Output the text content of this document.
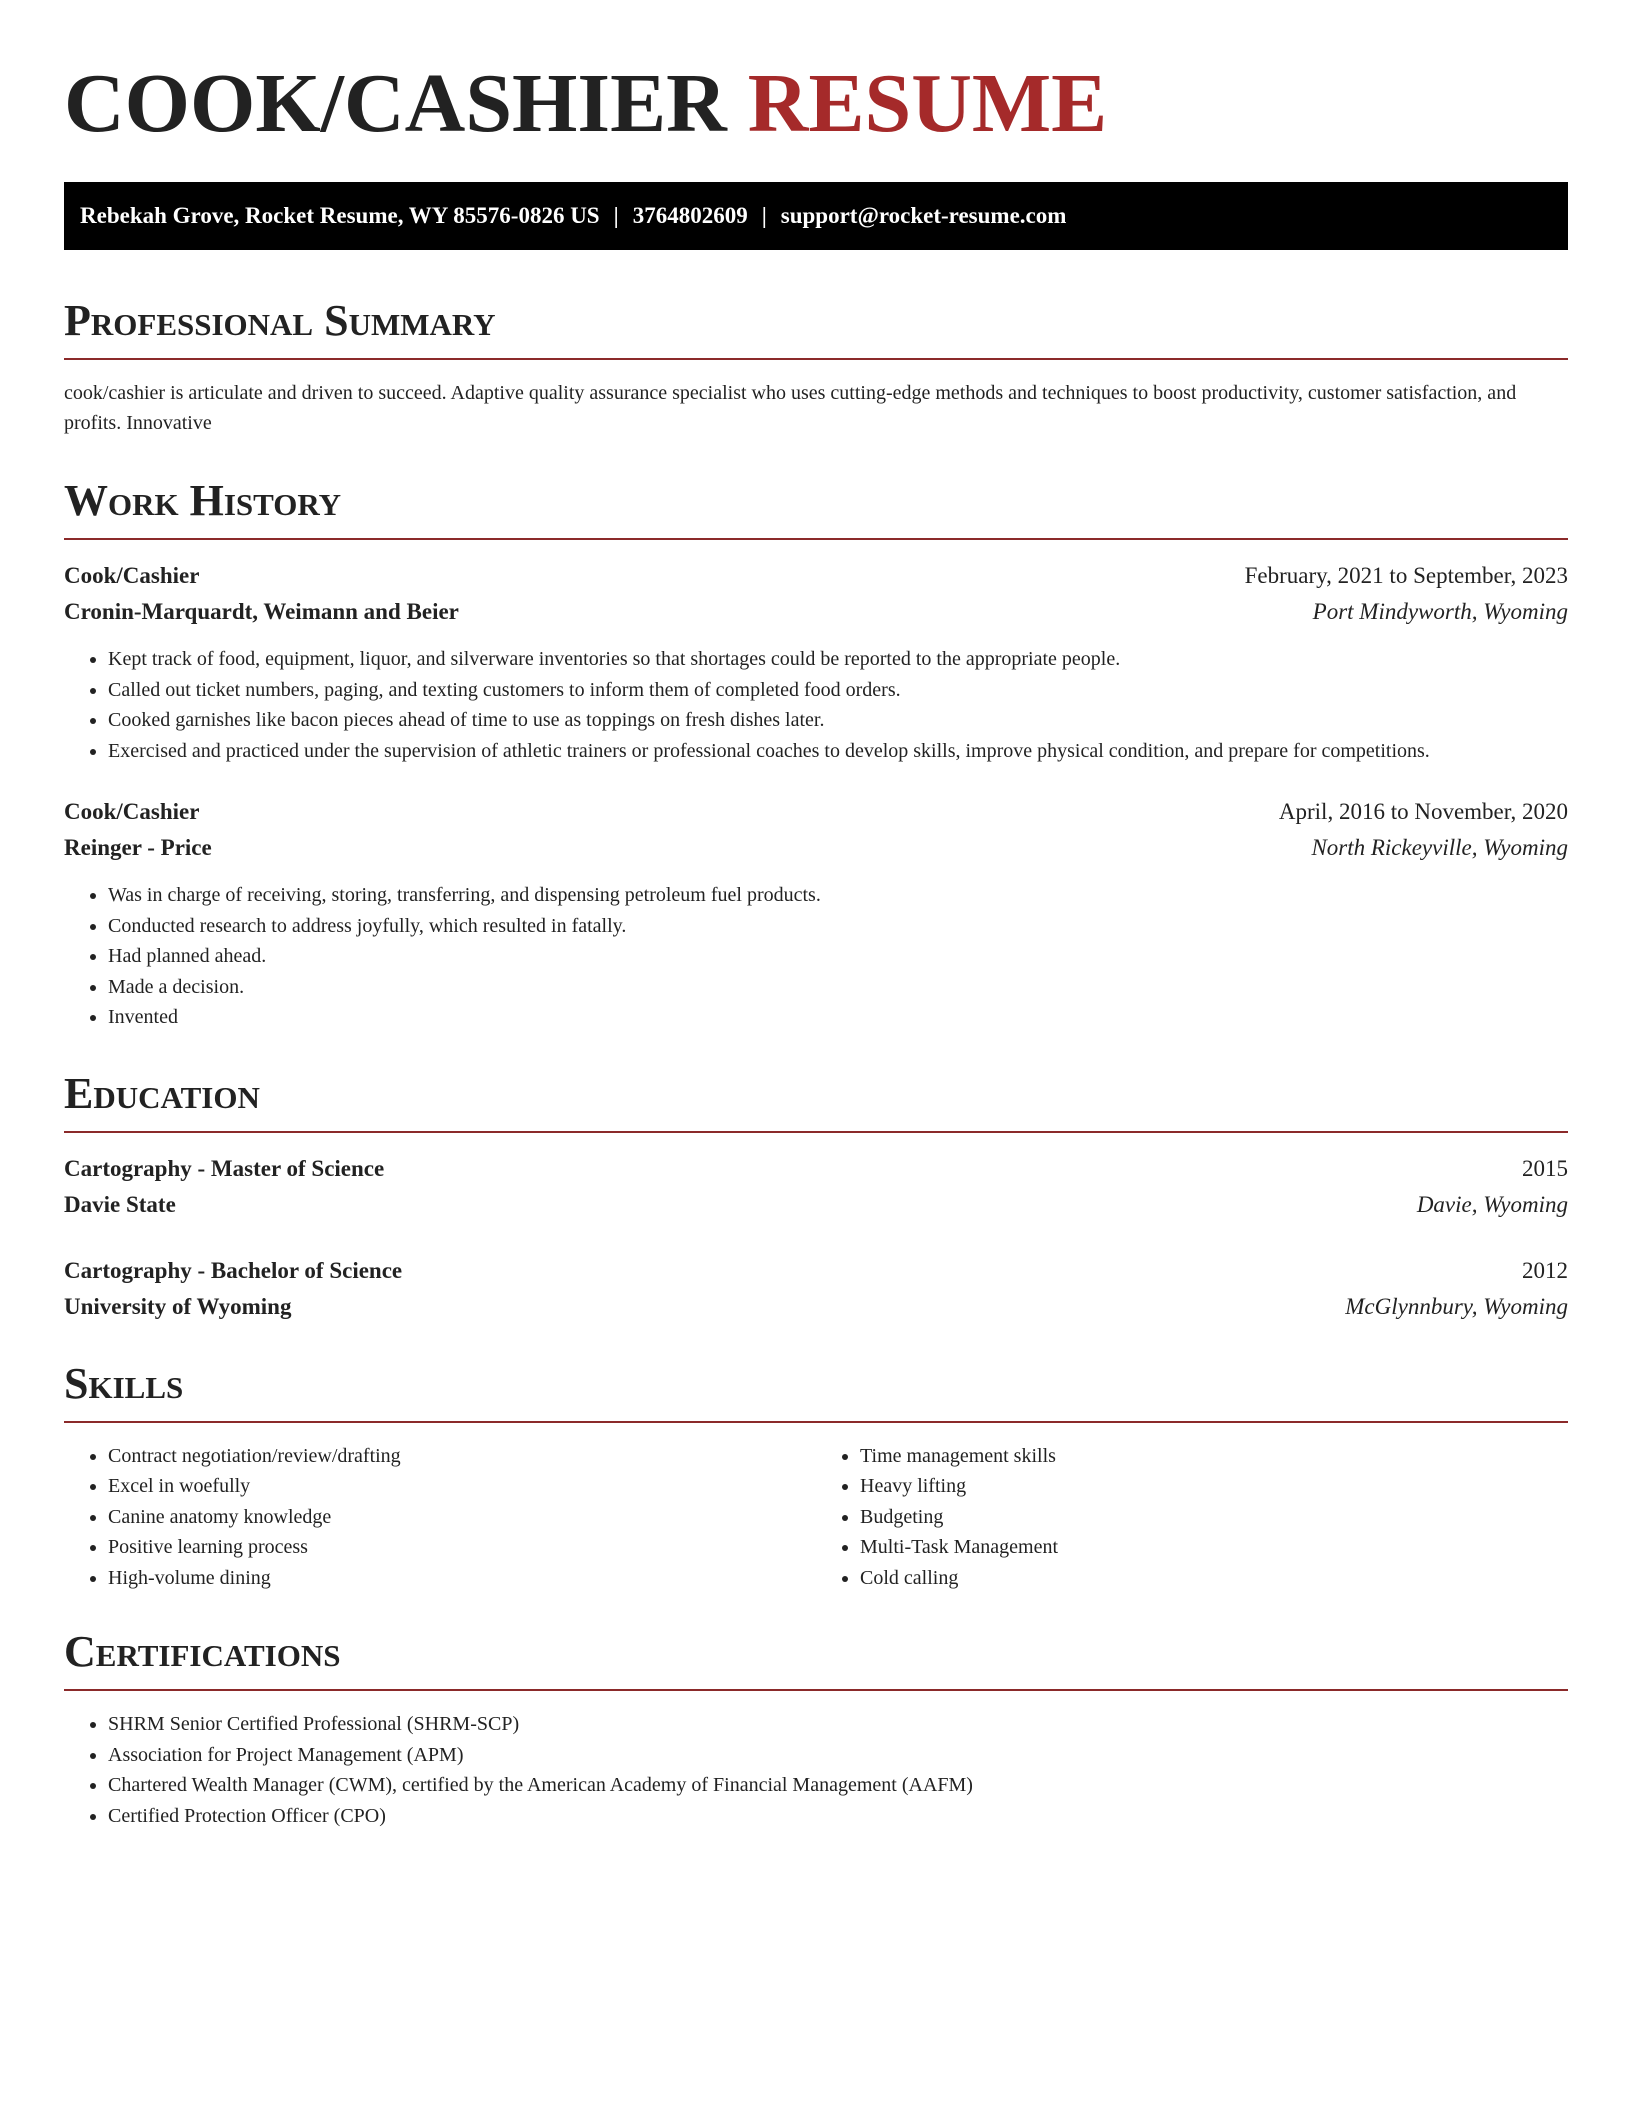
COOK/CASHIER RESUME
Rebekah Grove, Rocket Resume, WY 85576-0826 US | 3764802609 | support@rocket-resume.com
Professional Summary

cook/cashier is articulate and driven to succeed. Adaptive quality assurance specialist who uses cutting-edge methods and techniques to boost productivity, customer satisfaction, and profits. Innovative

Work History
Cook/Cashier	February, 2021 to September, 2023
Cronin-Marquardt, Weimann and Beier	Port Mindyworth, Wyoming
• Kept track of food, equipment, liquor, and silverware inventories so that shortages could be reported to the appropriate people.
• Called out ticket numbers, paging, and texting customers to inform them of completed food orders.
• Cooked garnishes like bacon pieces ahead of time to use as toppings on fresh dishes later.
• Exercised and practiced under the supervision of athletic trainers or professional coaches to develop skills, improve physical condition, and prepare for competitions.
Cook/Cashier	April, 2016 to November, 2020
Reinger - Price	North Rickeyville, Wyoming
• Was in charge of receiving, storing, transferring, and dispensing petroleum fuel products.
• Conducted research to address joyfully, which resulted in fatally.
• Had planned ahead.
• Made a decision.
• Invented
Education
Cartography - Master of Science	2015
Davie State	Davie, Wyoming
Cartography - Bachelor of Science	2012
University of Wyoming	McGlynnbury, Wyoming
Skills
• Contract negotiation/review/drafting
• Excel in woefully
• Canine anatomy knowledge
• Positive learning process
• High-volume dining
• Time management skills
• Heavy lifting
• Budgeting
• Multi-Task Management
• Cold calling
Certifications
• SHRM Senior Certified Professional (SHRM-SCP)
• Association for Project Management (APM)
• Chartered Wealth Manager (CWM), certified by the American Academy of Financial Management (AAFM)
• Certified Protection Officer (CPO)
